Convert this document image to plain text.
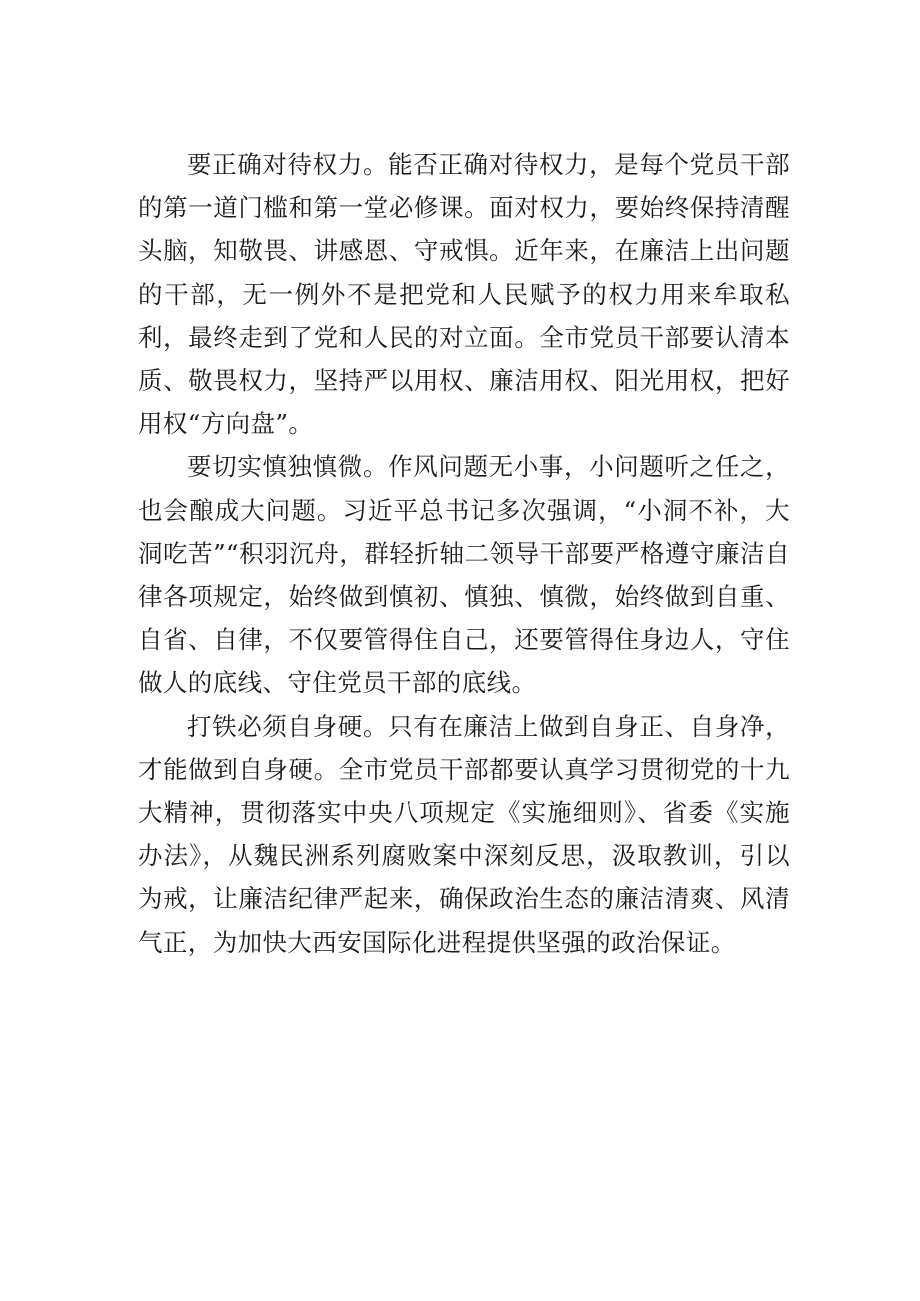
要正确对待权力。能否正确对待权力，是每个党员干部的第一道门槛和第一堂必修课。面对权力，要始终保持清醒头脑，知敬畏、讲感恩、守戒惧。近年来，在廉洁上出问题的干部，无一例外不是把党和人民赋予的权力用来牟取私利，最终走到了党和人民的对立面。全市党员干部要认清本质、敬畏权力，坚持严以用权、廉洁用权、阳光用权，把好用权“方向盘”。

要切实慎独慎微。作风问题无小事，小问题听之任之，也会酿成大问题。习近平总书记多次强调，“小洞不补，大洞吃苦”“积羽沉舟，群轻折轴二领导干部要严格遵守廉洁自律各项规定，始终做到慎初、慎独、慎微，始终做到自重、自省、自律，不仅要管得住自己，还要管得住身边人，守住做人的底线、守住党员干部的底线。

打铁必须自身硬。只有在廉洁上做到自身正、自身净，才能做到自身硬。全市党员干部都要认真学习贯彻党的十九大精神，贯彻落实中央八项规定《实施细则》、省委《实施办法》，从魏民洲系列腐败案中深刻反思，汲取教训，引以为戒，让廉洁纪律严起来，确保政治生态的廉洁清爽、风清气正，为加快大西安国际化进程提供坚强的政治保证。
